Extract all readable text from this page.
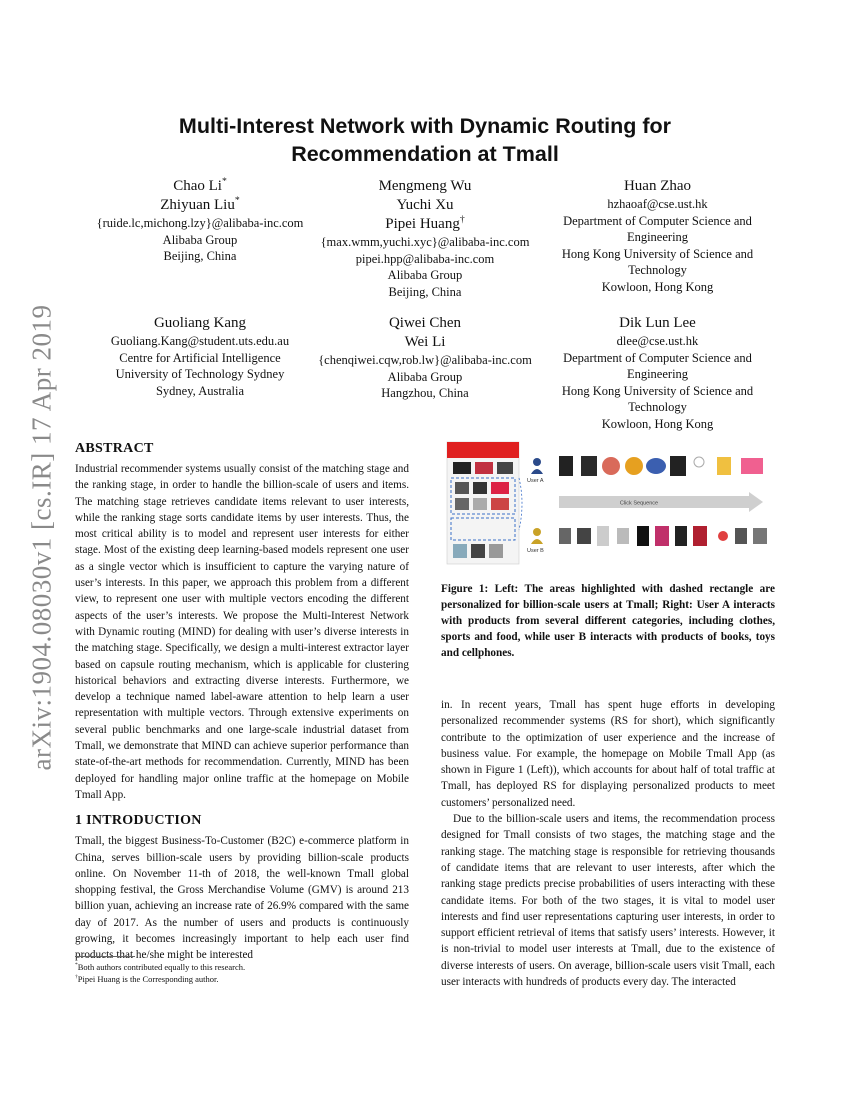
arXiv:1904.08030v1 [cs.IR] 17 Apr 2019
Multi-Interest Network with Dynamic Routing for
Recommendation at Tmall
Chao Li*
Zhiyuan Liu*
{ruide.lc,michong.lzy}@alibaba-inc.com
Alibaba Group
Beijing, China
Mengmeng Wu
Yuchi Xu
Pipei Huang†
{max.wmm,yuchi.xyc}@alibaba-inc.com
pipei.hpp@alibaba-inc.com
Alibaba Group
Beijing, China
Huan Zhao
hzhaoaf@cse.ust.hk
Department of Computer Science and Engineering
Hong Kong University of Science and Technology
Kowloon, Hong Kong
Guoliang Kang
Guoliang.Kang@student.uts.edu.au
Centre for Artificial Intelligence
University of Technology Sydney
Sydney, Australia
Qiwei Chen
Wei Li
{chenqiwei.cqw,rob.lw}@alibaba-inc.com
Alibaba Group
Hangzhou, China
Dik Lun Lee
dlee@cse.ust.hk
Department of Computer Science and Engineering
Hong Kong University of Science and Technology
Kowloon, Hong Kong
ABSTRACT

Industrial recommender systems usually consist of the matching stage and the ranking stage, in order to handle the billion-scale of users and items. The matching stage retrieves candidate items relevant to user interests, while the ranking stage sorts candidate items by user interests. Thus, the most critical ability is to model and represent user interests for either stage. Most of the existing deep learning-based models represent one user as a single vector which is insufficient to capture the varying nature of user’s interests. In this paper, we approach this problem from a different view, to represent one user with multiple vectors encoding the different aspects of the user’s interests. We propose the Multi-Interest Network with Dynamic routing (MIND) for dealing with user’s diverse interests in the matching stage. Specifically, we design a multi-interest extractor layer based on capsule routing mechanism, which is applicable for clustering historical behaviors and extracting diverse interests. Furthermore, we develop a technique named label-aware attention to help learn a user representation with multiple vectors. Through extensive experiments on several public benchmarks and one large-scale industrial dataset from Tmall, we demonstrate that MIND can achieve superior performance than state-of-the-art methods for recommendation. Currently, MIND has been deployed for handling major online traffic at the homepage on Mobile Tmall App.

1 INTRODUCTION

Tmall, the biggest Business-To-Customer (B2C) e-commerce platform in China, serves billion-scale users by providing billion-scale products online. On November 11-th of 2018, the well-known Tmall global shopping festival, the Gross Merchandise Volume (GMV) is around 213 billion yuan, achieving an increase rate of 26.9% compared with the same day of 2017. As the number of users and products is continuously growing, it becomes increasingly important to help each user find products that he/she might be interested

User A
Click Sequence
User B
Figure 1: Left: The areas highlighted with dashed rectangle are personalized for billion-scale users at Tmall; Right: User A interacts with products from several different categories, including clothes, sports and food, while user B interacts with products of books, toys and cellphones.

in. In recent years, Tmall has spent huge efforts in developing personalized recommender systems (RS for short), which significantly contribute to the optimization of user experience and the increase of business value. For example, the homepage on Mobile Tmall App (as shown in Figure 1 (Left)), which accounts for about half of total traffic at Tmall, has deployed RS for displaying personalized products to meet customers’ personalized need.

Due to the billion-scale users and items, the recommendation process designed for Tmall consists of two stages, the matching stage and the ranking stage. The matching stage is responsible for retrieving thousands of candidate items that are relevant to user interests, after which the ranking stage predicts precise probabilities of users interacting with these candidate items. For both of the two stages, it is vital to model user interests and find user representations capturing user interests, in order to support efficient retrieval of items that satisfy users’ interests. However, it is non-trivial to model user interests at Tmall, due to the existence of diverse interests of users. On average, billion-scale users visit Tmall, each user interacts with hundreds of products every day. The interacted

*Both authors contributed equally to this research.
†Pipei Huang is the Corresponding author.
